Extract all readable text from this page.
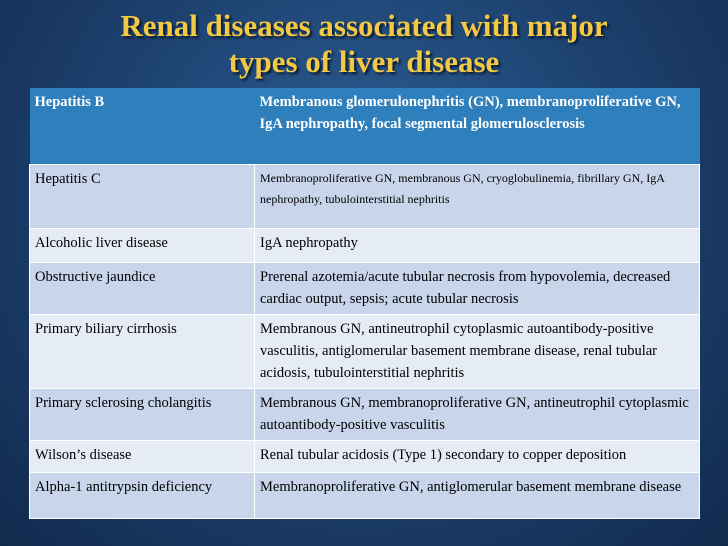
Renal diseases associated with major
types of liver disease
Hepatitis B	Membranous glomerulonephritis (GN), membranoproliferative GN, IgA nephropathy, focal segmental glomerulosclerosis
Hepatitis C	Membranoproliferative GN, membranous GN, cryoglobulinemia, fibrillary GN, IgA nephropathy, tubulointerstitial nephritis
Alcoholic liver disease	IgA nephropathy
Obstructive jaundice	Prerenal azotemia/acute tubular necrosis from hypovolemia, decreased cardiac output, sepsis; acute tubular necrosis
Primary biliary cirrhosis	Membranous GN, antineutrophil cytoplasmic autoantibody-positive vasculitis, antiglomerular basement membrane disease, renal tubular acidosis, tubulointerstitial nephritis
Primary sclerosing cholangitis	Membranous GN, membranoproliferative GN, antineutrophil cytoplasmic autoantibody-positive vasculitis
Wilson’s disease	Renal tubular acidosis (Type 1) secondary to copper deposition
Alpha-1 antitrypsin deficiency	Membranoproliferative GN, antiglomerular basement membrane disease
